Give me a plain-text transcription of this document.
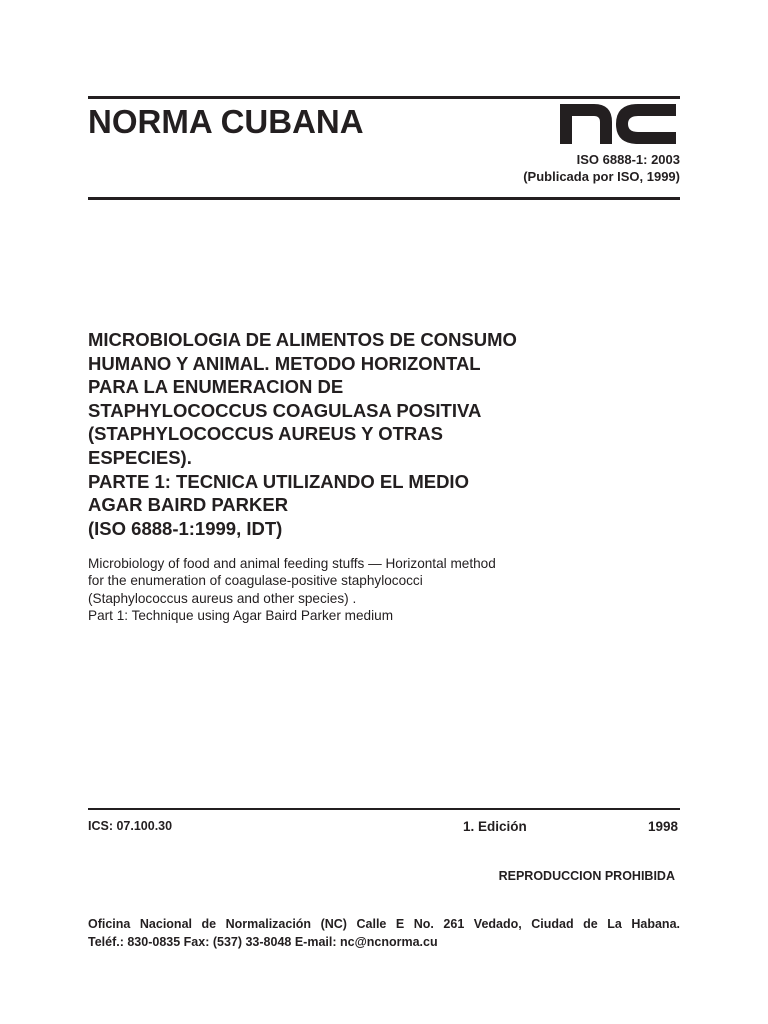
NORMA CUBANA
ISO 6888-1: 2003
(Publicada por ISO, 1999)
MICROBIOLOGIA DE ALIMENTOS DE CONSUMO
HUMANO Y ANIMAL. METODO HORIZONTAL
PARA LA ENUMERACION DE
STAPHYLOCOCCUS COAGULASA POSITIVA
(STAPHYLOCOCCUS AUREUS Y OTRAS
ESPECIES).
PARTE 1: TECNICA UTILIZANDO EL MEDIO
AGAR BAIRD PARKER
(ISO 6888-1:1999, IDT)
Microbiology of food and animal feeding stuffs — Horizontal method
for the enumeration of coagulase-positive staphylococci
(Staphylococcus aureus and other species) .
Part 1: Technique using Agar Baird Parker medium
ICS: 07.100.30	1. Edición	1998
REPRODUCCION PROHIBIDA
Oficina Nacional de Normalización (NC) Calle E No. 261 Vedado, Ciudad de La Habana.
Teléf.: 830-0835 Fax: (537) 33-8048 E-mail: nc@ncnorma.cu
